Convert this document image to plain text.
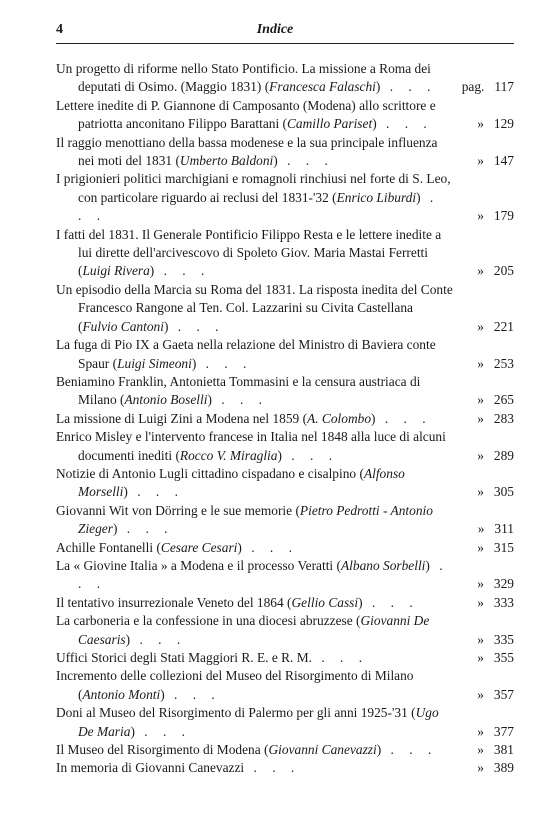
4	Indice

Un progetto di riforme nello Stato Pontificio. La missione a Roma dei deputati di Osimo. (Maggio 1831) (Francesca Falaschi) . . .	pag. 117

Lettere inedite di P. Giannone di Camposanto (Modena) allo scrittore e patriotta anconitano Filippo Barattani (Camillo Pariset) . . .	» 129

Il raggio menottiano della bassa modenese e la sua principale influenza nei moti del 1831 (Umberto Baldoni) . . .	» 147

I prigionieri politici marchigiani e romagnoli rinchiusi nel forte di S. Leo, con particolare riguardo ai reclusi del 1831-'32 (Enrico Liburdi) . . .	» 179

I fatti del 1831. Il Generale Pontificio Filippo Resta e le lettere inedite a lui dirette dell'arcivescovo di Spoleto Giov. Maria Mastai Ferretti (Luigi Rivera) . . .	» 205

Un episodio della Marcia su Roma del 1831. La risposta inedita del Conte Francesco Rangone al Ten. Col. Lazzarini su Civita Castellana (Fulvio Cantoni) . . .	» 221

La fuga di Pio IX a Gaeta nella relazione del Ministro di Baviera conte Spaur (Luigi Simeoni) . . .	» 253

Beniamino Franklin, Antonietta Tommasini e la censura austriaca di Milano (Antonio Boselli) . . .	» 265

La missione di Luigi Zini a Modena nel 1859 (A. Colombo) . . .	» 283

Enrico Misley e l'intervento francese in Italia nel 1848 alla luce di alcuni documenti inediti (Rocco V. Miraglia) . . .	» 289

Notizie di Antonio Lugli cittadino cispadano e cisalpino (Alfonso Morselli) . . .	» 305

Giovanni Wit von Dörring e le sue memorie (Pietro Pedrotti - Antonio Zieger) . . .	» 311

Achille Fontanelli (Cesare Cesari) . . .	» 315

La « Giovine Italia » a Modena e il processo Veratti (Albano Sorbelli) . . .	» 329

Il tentativo insurrezionale Veneto del 1864 (Gellio Cassi) . . .	» 333

La carboneria e la confessione in una diocesi abruzzese (Giovanni De Caesaris) . . .	» 335

Uffici Storici degli Stati Maggiori R. E. e R. M. . . .	» 355

Incremento delle collezioni del Museo del Risorgimento di Milano (Antonio Monti) . . .	» 357

Doni al Museo del Risorgimento di Palermo per gli anni 1925-'31 (Ugo De Maria) . . .	» 377

Il Museo del Risorgimento di Modena (Giovanni Canevazzi) . . .	» 381

In memoria di Giovanni Canevazzi . . .	» 389
